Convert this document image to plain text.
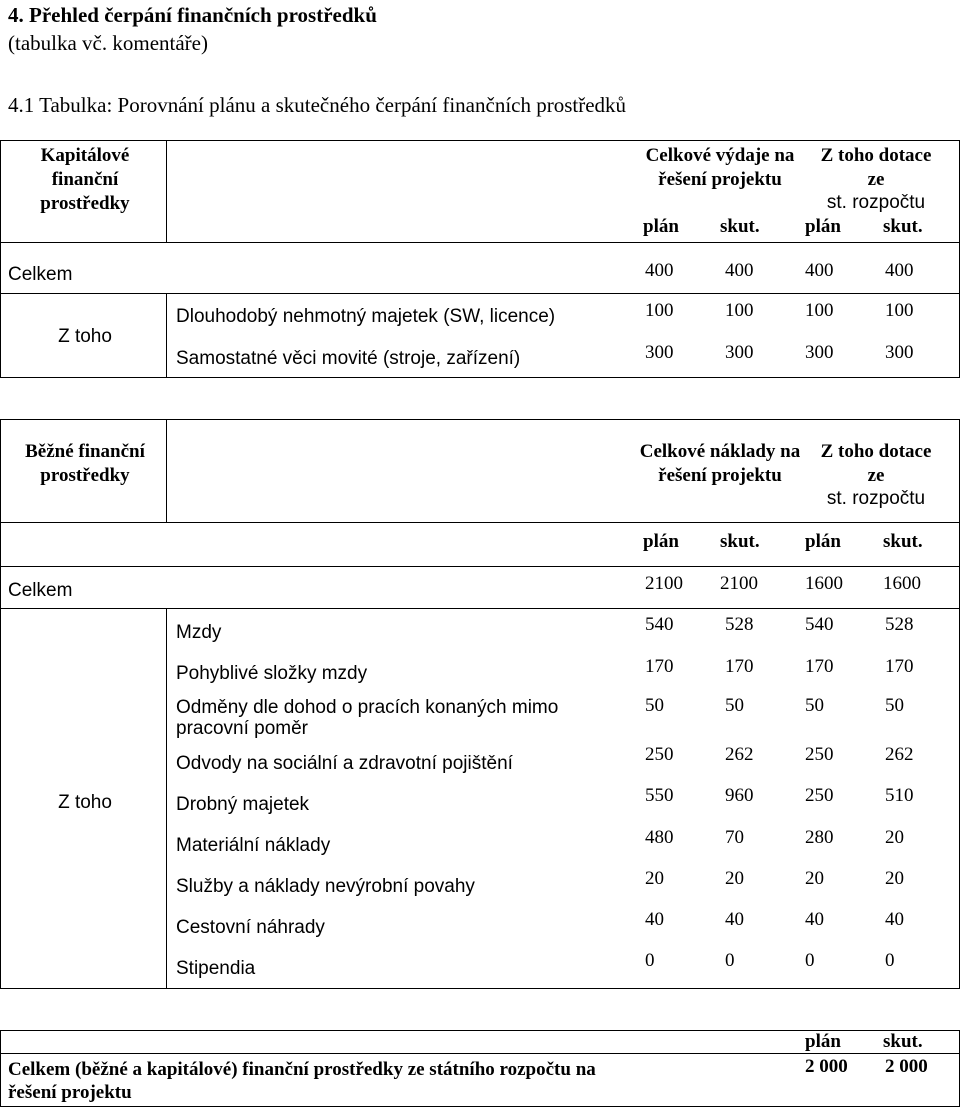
4. Přehled čerpání finančních prostředků
(tabulka vč. komentáře)
4.1 Tabulka: Porovnání plánu a skutečného čerpání finančních prostředků
Kapitálové finanční prostředky
Celkové výdaje na řešení projektu
Z toho dotace ze
st. rozpočtu
plán skut. plán skut.
Celkem	400	400	400	400
Z toho
Dlouhodobý nehmotný majetek (SW, licence)	100	100	100	100
Samostatné věci movité (stroje, zařízení)	300	300	300	300
Běžné finanční prostředky
Celkové náklady na řešení projektu
Z toho dotace ze
st. rozpočtu
plán skut. plán skut.
Celkem	2100 2100 1600 1600
Z toho
Mzdy	540	528	540	528
Pohyblivé složky mzdy	170	170	170	170
Odměny dle dohod o pracích konaných mimo pracovní poměr
50	50	50	50
Odvody na sociální a zdravotní pojištění	250	262	250	262
Drobný majetek	550	960	250	510
Materiální náklady	480	70	280	20
Služby a náklady nevýrobní povahy	20	20	20	20
Cestovní náhrady	40	40	40	40
Stipendia	0	0	0	0
plán skut.
Celkem (běžné a kapitálové) finanční prostředky ze státního rozpočtu na řešení projektu
2 000 2 000
